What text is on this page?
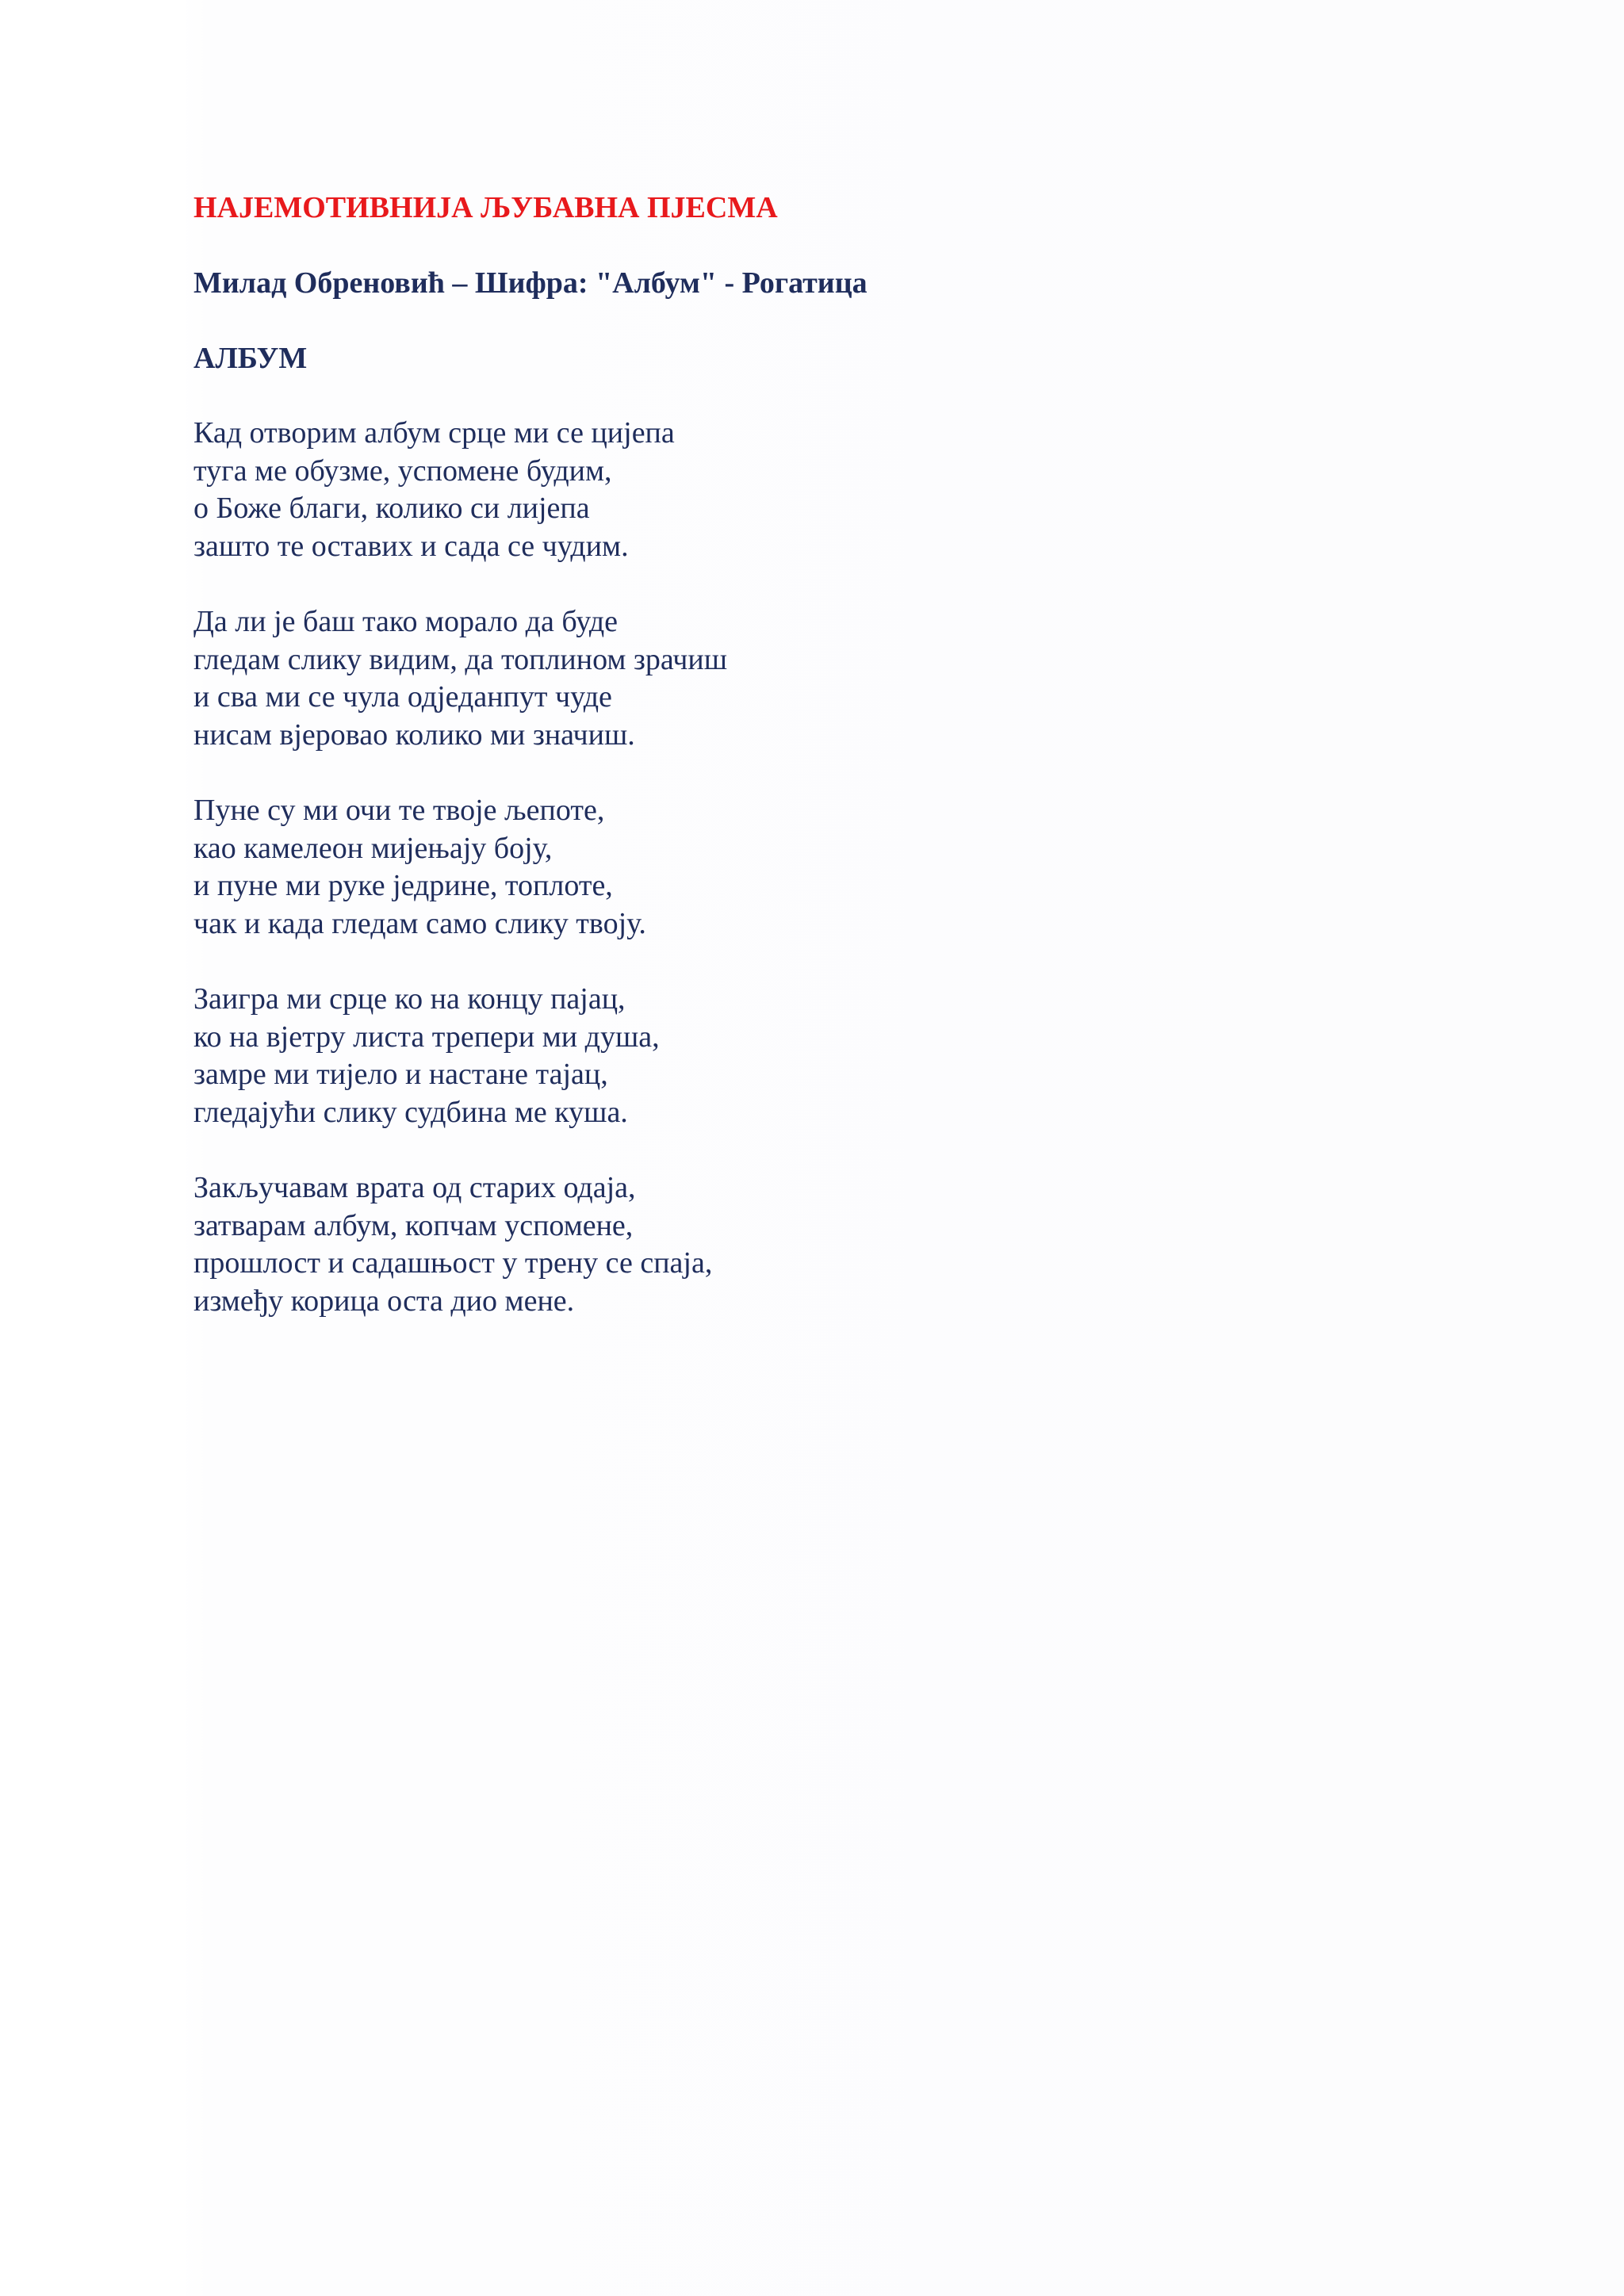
НАЈЕМОТИВНИЈА ЉУБАВНА ПЈЕСМА

Милад Обреновић – Шифра: "Албум" - Рогатица

АЛБУМ

Кад отворим албум срце ми се цијепа
туга ме обузме, успомене будим,
о Боже благи, колико си лијепа
зашто те оставих и сада се чудим.
Да ли је баш тако морало да буде
гледам слику видим, да топлином зрачиш
и сва ми се чула одједанпут чуде
нисам вјеровао колико ми значиш.
Пуне су ми очи те твоје љепоте,
као камелеон мијењају боју,
и пуне ми руке једрине, топлоте,
чак и када гледам само слику твоју.
Заигра ми срце ко на концу пајац,
ко на вјетру листа трепери ми душа,
замре ми тијело и настане тајац,
гледајући слику судбина ме куша.
Закључавам врата од старих одаја,
затварам албум, копчам успомене,
прошлост и садашњост у трену се спаја,
између корица оста дио мене.
